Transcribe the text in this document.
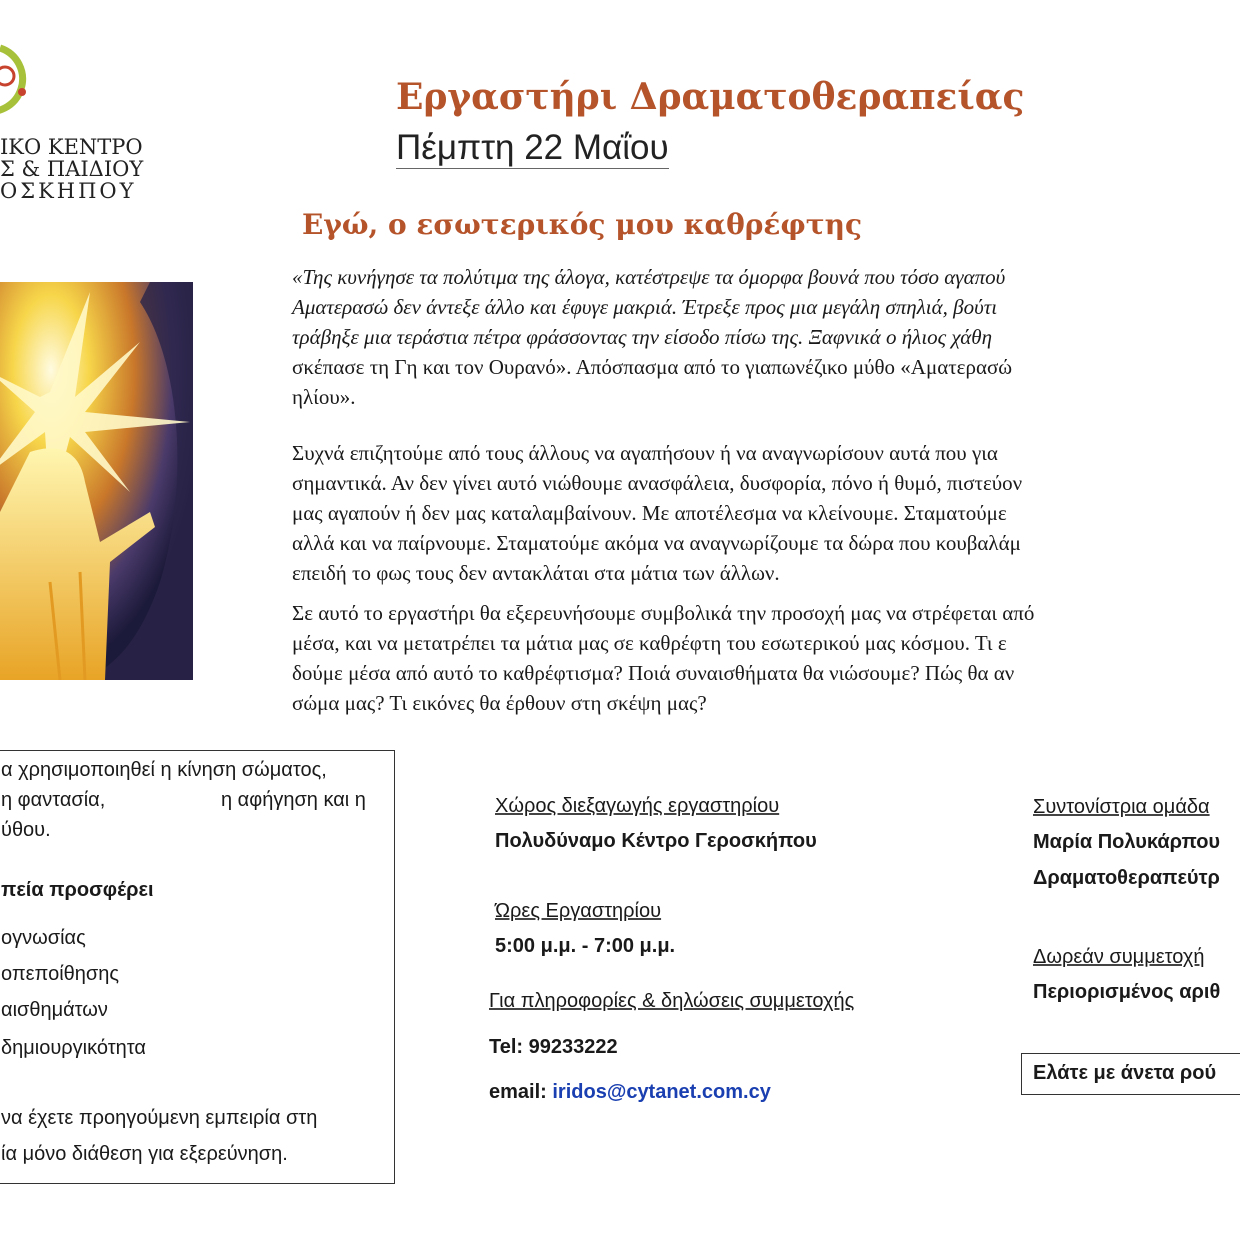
ΙΚΟ ΚΕΝΤΡΟ
Σ & ΠΑΙΔΙΟΥ
ΟΣΚΗΠΟΥ
Εργαστήρι Δραματοθεραπείας
Πέμπτη 22 Μαΐου
Εγώ, ο εσωτερικός μου καθρέφτης
«Της κυνήγησε τα πολύτιμα της άλογα, κατέστρεψε τα όμορφα βουνά που τόσο αγαπού
Αματερασώ δεν άντεξε άλλο και έφυγε μακριά. Έτρεξε προς μια μεγάλη σπηλιά, βούτι
τράβηξε μια τεράστια πέτρα φράσσοντας την είσοδο πίσω της. Ξαφνικά ο ήλιος χάθη
σκέπασε τη Γη και τον Ουρανό». Απόσπασμα από το γιαπωνέζικο μύθο «Αματερασώ
ηλίου».
Συχνά επιζητούμε από τους άλλους να αγαπήσουν ή να αναγνωρίσουν αυτά που για
σημαντικά. Αν δεν γίνει αυτό νιώθουμε ανασφάλεια, δυσφορία, πόνο ή θυμό, πιστεύον
μας αγαπούν ή δεν μας καταλαμβαίνουν. Με αποτέλεσμα να κλείνουμε. Σταματούμε
αλλά και να παίρνουμε. Σταματούμε ακόμα να αναγνωρίζουμε τα δώρα που κουβαλάμ
επειδή το φως τους δεν αντακλάται στα μάτια των άλλων.
Σε αυτό το εργαστήρι θα εξερευνήσουμε συμβολικά την προσοχή μας να στρέφεται από
μέσα, και να μετατρέπει τα μάτια μας σε καθρέφτη του εσωτερικού μας κόσμου. Τι ε
δούμε μέσα από αυτό το καθρέφτισμα? Ποιά συναισθήματα θα νιώσουμε? Πώς θα αν
σώμα μας? Τι εικόνες θα έρθουν στη σκέψη μας?
α χρησιμοποιηθεί η κίνηση σώματος,
η φαντασία,	η αφήγηση και η
ύθου.
πεία προσφέρει
ογνωσίας
οπεποίθησης
αισθημάτων
δημιουργικότητα
να έχετε προηγούμενη εμπειρία στη
ία μόνο διάθεση για εξερεύνηση.
Χώρος διεξαγωγής εργαστηρίου
Πολυδύναμο Κέντρο Γεροσκήπου
Ώρες Εργαστηρίου
5:00 μ.μ. - 7:00 μ.μ.
Για πληροφορίες & δηλώσεις συμμετοχής
Tel: 99233222
email: iridos@cytanet.com.cy
Συντονίστρια ομάδα
Μαρία Πολυκάρπου
Δραματοθεραπεύτρ
Δωρεάν συμμετοχή
Περιορισμένος αριθ
Ελάτε με άνετα ρού
